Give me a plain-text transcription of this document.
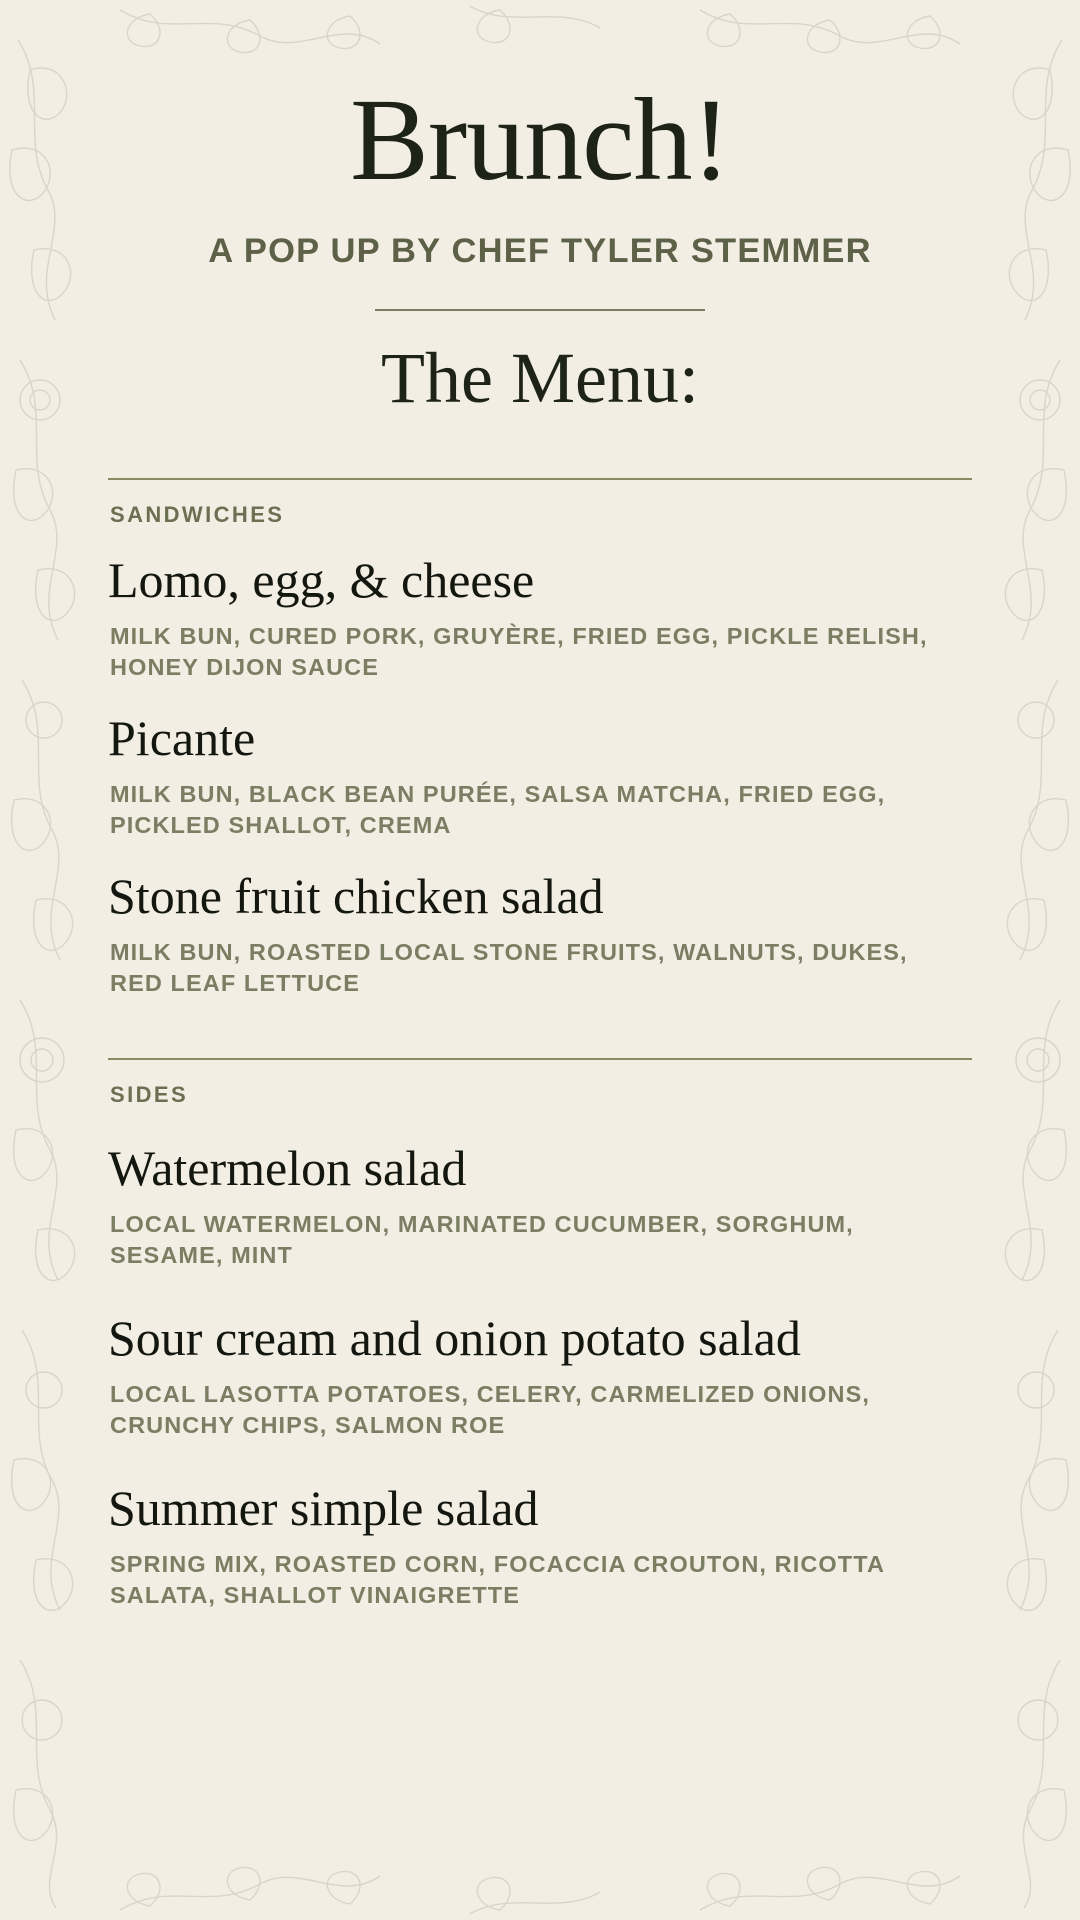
Brunch!
A POP UP BY CHEF TYLER STEMMER
The Menu:
SANDWICHES
Lomo, egg, & cheese
MILK BUN, CURED PORK, GRUYÈRE, FRIED EGG, PICKLE RELISH, HONEY DIJON SAUCE
Picante
MILK BUN, BLACK BEAN PURÉE, SALSA MATCHA, FRIED EGG, PICKLED SHALLOT, CREMA
Stone fruit chicken salad
MILK BUN, ROASTED LOCAL STONE FRUITS, WALNUTS, DUKES, RED LEAF LETTUCE
SIDES
Watermelon salad
LOCAL WATERMELON, MARINATED CUCUMBER, SORGHUM, SESAME, MINT
Sour cream and onion potato salad
LOCAL LASOTTA POTATOES, CELERY, CARMELIZED ONIONS, CRUNCHY CHIPS, SALMON ROE
Summer simple salad
SPRING MIX, ROASTED CORN, FOCACCIA CROUTON, RICOTTA SALATA, SHALLOT VINAIGRETTE
